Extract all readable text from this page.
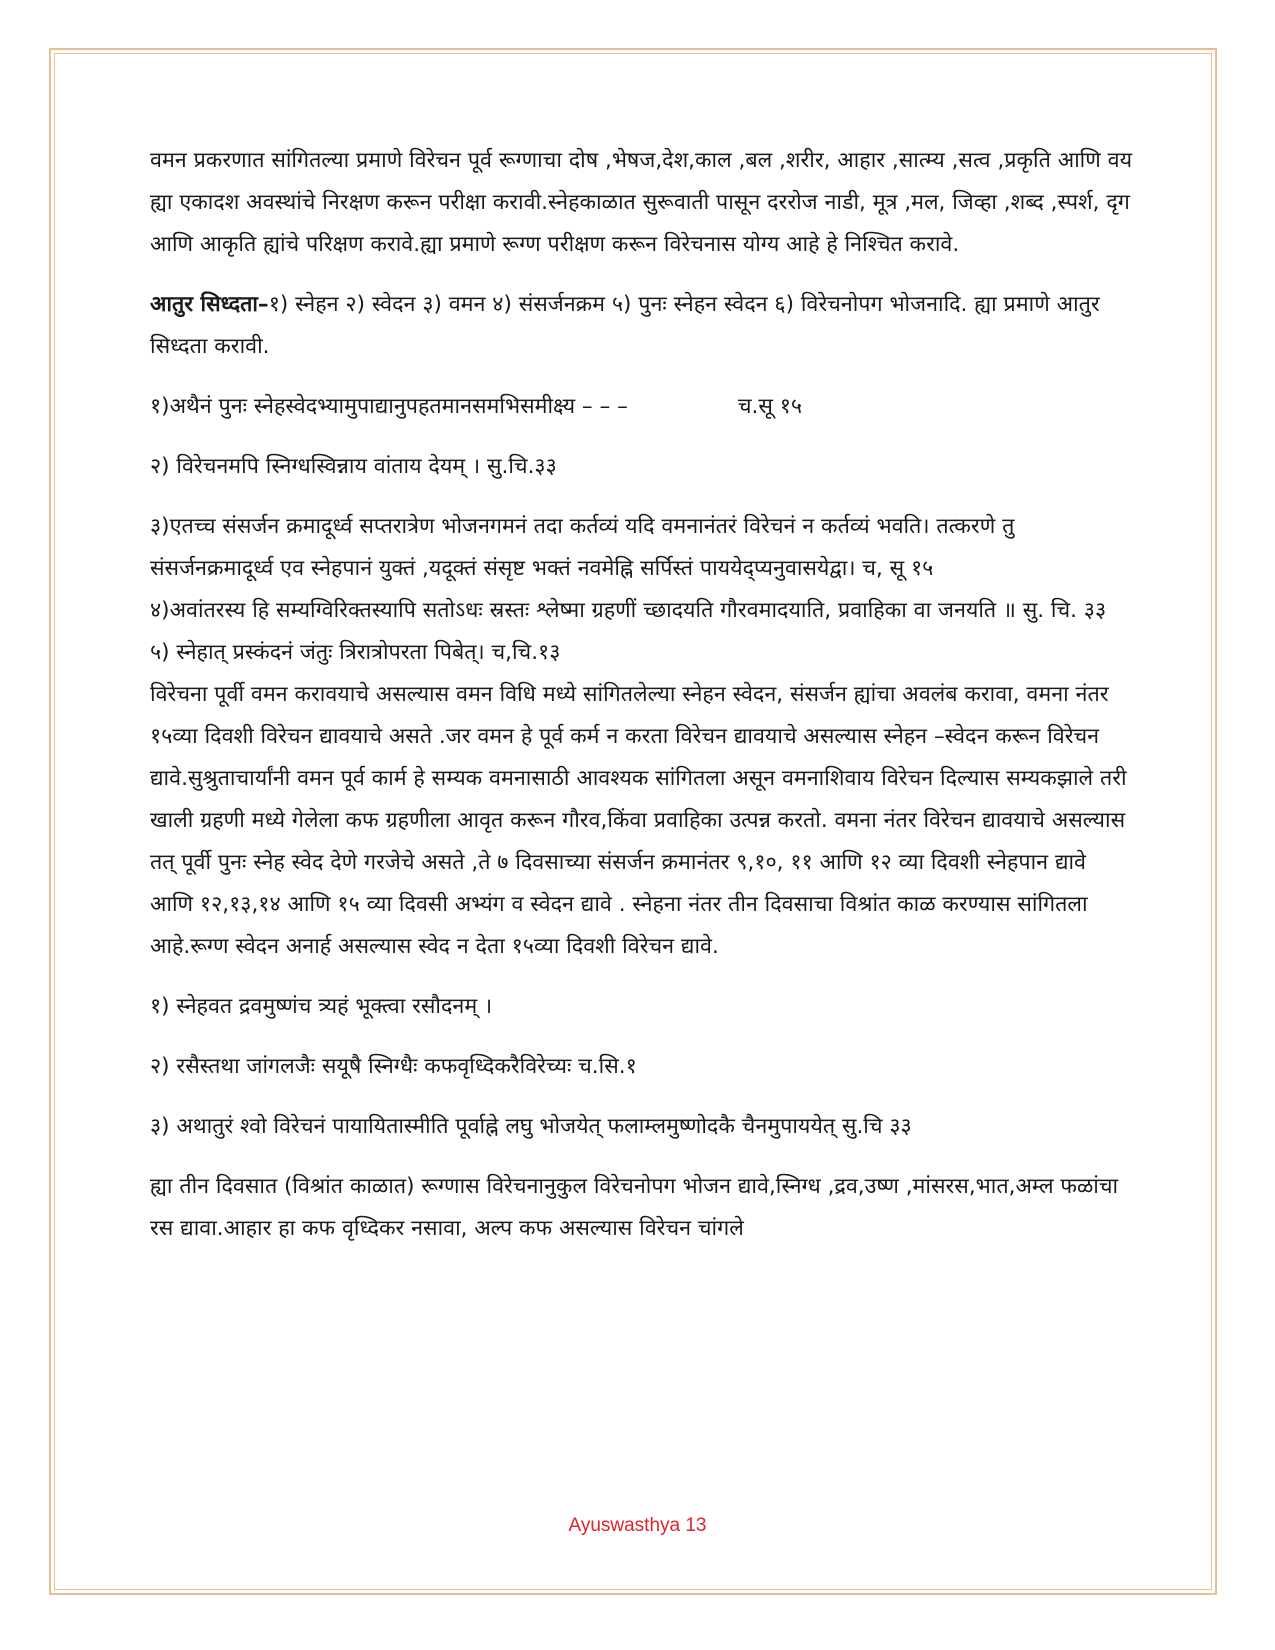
वमन प्रकरणात सांगितल्या प्रमाणे विरेचन पूर्व रूग्णाचा दोष ,भेषज,देश,काल ,बल ,शरीर, आहार ,सात्म्य ,सत्व ,प्रकृति आणि वय ह्या एकादश अवस्थांचे निरक्षण करून परीक्षा करावी.स्नेहकाळात सुरूवाती पासून दररोज नाडी, मूत्र ,मल, जिव्हा ,शब्द ,स्पर्श, दृग आणि आकृति ह्यांचे परिक्षण करावे.ह्या प्रमाणे रूग्ण परीक्षण करून विरेचनास योग्य आहे हे निश्चित करावे.

आतुर सिध्दता–१) स्नेहन २) स्वेदन ३) वमन ४) संसर्जनक्रम ५) पुनः स्नेहन स्वेदन ६) विरेचनोपग भोजनादि. ह्या प्रमाणे आतुर सिध्दता करावी.

१)अथैनं पुनः स्नेहस्वेदभ्यामुपाद्यानुपहतमानसमभिसमीक्ष्य – – –	च.सू १५

२) विरेचनमपि स्निग्धस्विन्नाय वांताय देयम् । सु.चि.३३

३)एतच्च संसर्जन क्रमादूर्ध्व सप्तरात्रेण भोजनगमनं तदा कर्तव्यं यदि वमनानंतरं विरेचनं न कर्तव्यं भवति। तत्करणे तु संसर्जनक्रमादूर्ध्व एव स्नेहपानं युक्तं ,यदूक्तं संसृष्ट भक्तं नवमेह्नि सर्पिस्तं पाययेद्प्यनुवासयेद्वा। च, सू १५

४)अवांतरस्य हि सम्यग्विरिक्तस्यापि सतोऽधः स्रस्तः श्लेष्मा ग्रहणीं च्छादयति गौरवमादयाति, प्रवाहिका वा जनयति ॥ सु. चि. ३३

५) स्नेहात् प्रस्कंदनं जंतुः त्रिरात्रोपरता पिबेत्। च,चि.१३

विरेचना पूर्वी वमन करावयाचे असल्यास वमन विधि मध्ये सांगितलेल्या स्नेहन स्वेदन, संसर्जन ह्यांचा अवलंब करावा, वमना नंतर १५व्या दिवशी विरेचन द्यावयाचे असते .जर वमन हे पूर्व कर्म न करता विरेचन द्यावयाचे असल्यास स्नेहन –स्वेदन करून विरेचन द्यावे.सुश्रुताचार्यांनी वमन पूर्व कार्म हे सम्यक वमनासाठी आवश्यक सांगितला असून वमनाशिवाय विरेचन दिल्यास सम्यकझाले तरी खाली ग्रहणी मध्ये गेलेला कफ ग्रहणीला आवृत करून गौरव,किंवा प्रवाहिका उत्पन्न करतो. वमना नंतर विरेचन द्यावयाचे असल्यास तत् पूर्वी पुनः स्नेह स्वेद देणे गरजेचे असते ,ते ७ दिवसाच्या संसर्जन क्रमानंतर ९,१०, ११ आणि १२ व्या दिवशी स्नेहपान द्यावे आणि १२,१३,१४ आणि १५ व्या दिवसी अभ्यंग व स्वेदन द्यावे . स्नेहना नंतर तीन दिवसाचा विश्रांत काळ करण्यास सांगितला आहे.रूग्ण स्वेदन अनार्ह असल्यास स्वेद न देता १५व्या दिवशी विरेचन द्यावे.

१) स्नेहवत द्रवमुष्णंच त्र्यहं भूक्त्वा रसौदनम् ।

२) रसैस्तथा जांगलजैः सयूषै स्निग्धैः कफवृध्दिकरैविरेच्यः च.सि.१

३) अथातुरं श्वो विरेचनं पायायितास्मीति पूर्वाह्ने लघु भोजयेत् फलाम्लमुष्णोदकै चैनमुपाययेत् सु.चि ३३

ह्या तीन दिवसात (विश्रांत काळात) रूग्णास विरेचनानुकुल विरेचनोपग भोजन द्यावे,स्निग्ध ,द्रव,उष्ण ,मांसरस,भात,अम्ल फळांचा रस द्यावा.आहार हा कफ वृध्दिकर नसावा, अल्प कफ असल्यास विरेचन चांगले

Ayuswasthya 13
